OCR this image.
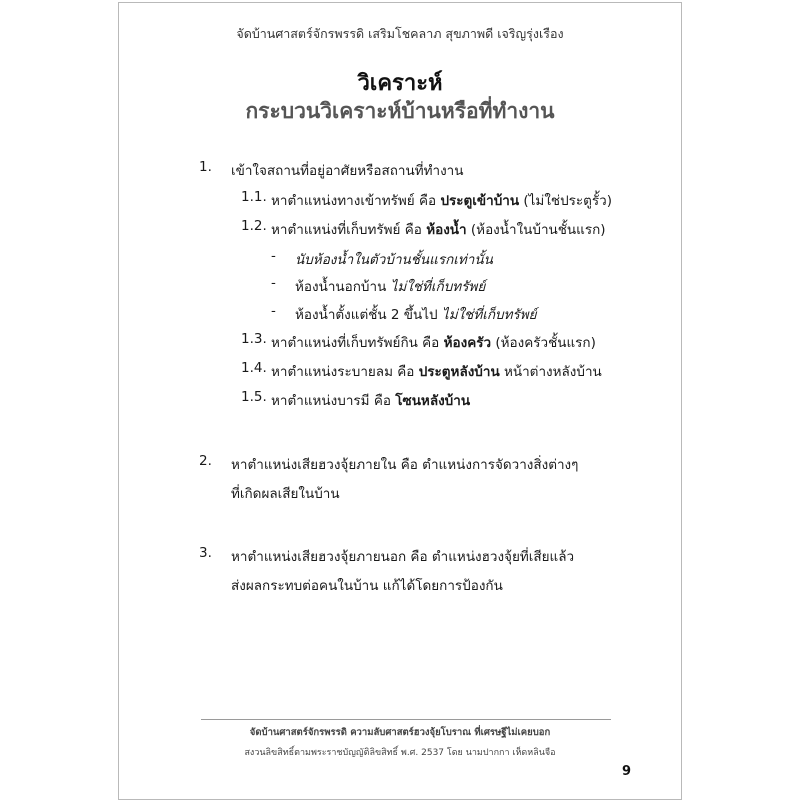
จัดบ้านศาสตร์จักรพรรดิ เสริมโชคลาภ สุขภาพดี เจริญรุ่งเรือง
วิเคราะห์
กระบวนวิเคราะห์บ้านหรือที่ทำงาน
1. เข้าใจสถานที่อยู่อาศัยหรือสถานที่ทำงาน
1.1. หาตำแหน่งทางเข้าทรัพย์ คือ ประตูเข้าบ้าน (ไม่ใช่ประตูรั้ว)
1.2. หาตำแหน่งที่เก็บทรัพย์ คือ ห้องน้ำ (ห้องน้ำในบ้านชั้นแรก)
- นับห้องน้ำในตัวบ้านชั้นแรกเท่านั้น
- ห้องน้ำนอกบ้าน ไม่ใช่ที่เก็บทรัพย์
- ห้องน้ำตั้งแต่ชั้น 2 ขึ้นไป ไม่ใช่ที่เก็บทรัพย์
1.3. หาตำแหน่งที่เก็บทรัพย์กิน คือ ห้องครัว (ห้องครัวชั้นแรก)
1.4. หาตำแหน่งระบายลม คือ ประตูหลังบ้าน หน้าต่างหลังบ้าน
1.5. หาตำแหน่งบารมี คือ โซนหลังบ้าน
2. หาตำแหน่งเสียฮวงจุ้ยภายใน คือ ตำแหน่งการจัดวางสิ่งต่างๆ
ที่เกิดผลเสียในบ้าน
3. หาตำแหน่งเสียฮวงจุ้ยภายนอก คือ ตำแหน่งฮวงจุ้ยที่เสียแล้ว
ส่งผลกระทบต่อคนในบ้าน แก้ได้โดยการป้องกัน
จัดบ้านศาสตร์จักรพรรดิ ความลับศาสตร์ฮวงจุ้ยโบราณ ที่เศรษฐีไม่เคยบอก
สงวนลิขสิทธิ์ตามพระราชบัญญัติลิขสิทธิ์ พ.ศ. 2537 โดย นามปากกา เห็ดหลินจือ
9
